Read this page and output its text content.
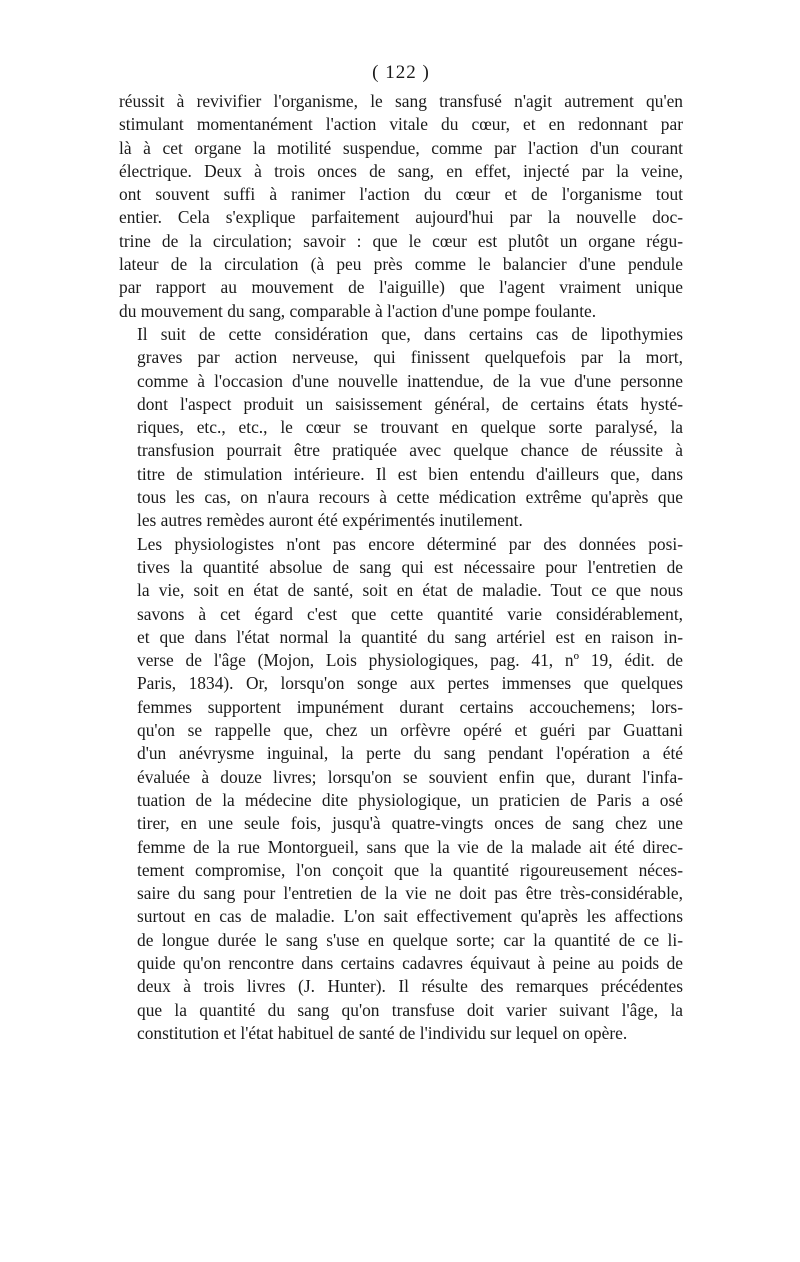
( 122 )

réussit à revivifier l'organisme, le sang transfusé n'agit autrement qu'en
stimulant momentanément l'action vitale du cœur, et en redonnant par
là à cet organe la motilité suspendue, comme par l'action d'un courant
électrique. Deux à trois onces de sang, en effet, injecté par la veine,
ont souvent suffi à ranimer l'action du cœur et de l'organisme tout
entier. Cela s'explique parfaitement aujourd'hui par la nouvelle doc-
trine de la circulation; savoir : que le cœur est plutôt un organe régu-
lateur de la circulation (à peu près comme le balancier d'une pendule
par rapport au mouvement de l'aiguille) que l'agent vraiment unique
du mouvement du sang, comparable à l'action d'une pompe foulante.

Il suit de cette considération que, dans certains cas de lipothymies
graves par action nerveuse, qui finissent quelquefois par la mort,
comme à l'occasion d'une nouvelle inattendue, de la vue d'une personne
dont l'aspect produit un saisissement général, de certains états hysté-
riques, etc., etc., le cœur se trouvant en quelque sorte paralysé, la
transfusion pourrait être pratiquée avec quelque chance de réussite à
titre de stimulation intérieure. Il est bien entendu d'ailleurs que, dans
tous les cas, on n'aura recours à cette médication extrême qu'après que
les autres remèdes auront été expérimentés inutilement.

Les physiologistes n'ont pas encore déterminé par des données posi-
tives la quantité absolue de sang qui est nécessaire pour l'entretien de
la vie, soit en état de santé, soit en état de maladie. Tout ce que nous
savons à cet égard c'est que cette quantité varie considérablement,
et que dans l'état normal la quantité du sang artériel est en raison in-
verse de l'âge (Mojon, Lois physiologiques, pag. 41, nº 19, édit. de
Paris, 1834). Or, lorsqu'on songe aux pertes immenses que quelques
femmes supportent impunément durant certains accouchemens; lors-
qu'on se rappelle que, chez un orfèvre opéré et guéri par Guattani
d'un anévrysme inguinal, la perte du sang pendant l'opération a été
évaluée à douze livres; lorsqu'on se souvient enfin que, durant l'infa-
tuation de la médecine dite physiologique, un praticien de Paris a osé
tirer, en une seule fois, jusqu'à quatre-vingts onces de sang chez une
femme de la rue Montorgueil, sans que la vie de la malade ait été direc-
tement compromise, l'on conçoit que la quantité rigoureusement néces-
saire du sang pour l'entretien de la vie ne doit pas être très-considérable,
surtout en cas de maladie. L'on sait effectivement qu'après les affections
de longue durée le sang s'use en quelque sorte; car la quantité de ce li-
quide qu'on rencontre dans certains cadavres équivaut à peine au poids de
deux à trois livres (J. Hunter). Il résulte des remarques précédentes
que la quantité du sang qu'on transfuse doit varier suivant l'âge, la
constitution et l'état habituel de santé de l'individu sur lequel on opère.
